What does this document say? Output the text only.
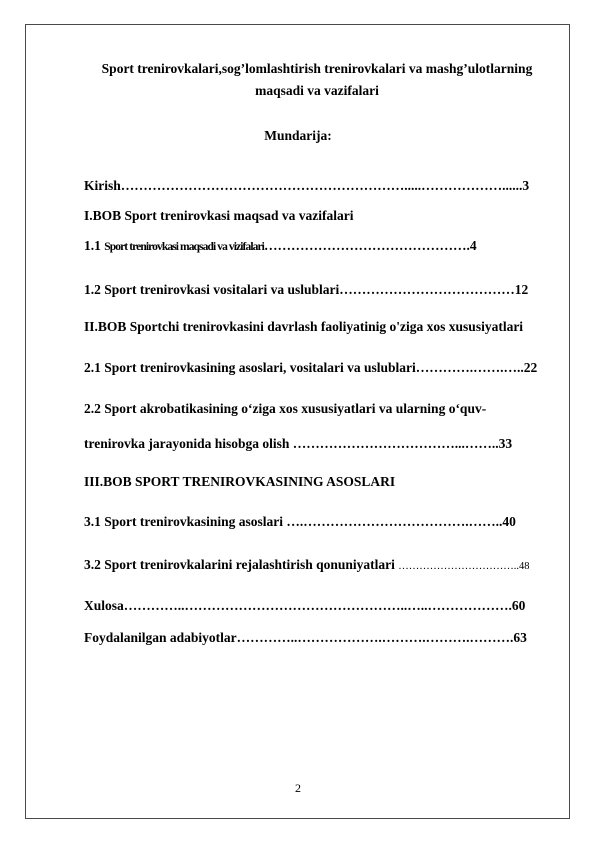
Sport trenirovkalari,sog’lomlashtirish trenirovkalari va mashg’ulotlarning maqsadi va vazifalari
Mundarija:
Kirish……………………………………………………….....………………......3
I.BOB Sport trenirovkasi maqsad va vazifalari
1.1 Sport trenirovkasi maqsadi va vizifalari……………………………………….4
1.2 Sport trenirovkasi vositalari va uslublari…………………………………12
II.BOB Sportchi trenirovkasini davrlash faoliyatinig o'ziga xos xususiyatlari
2.1 Sport trenirovkasining asoslari, vositalari va uslublari………….…….…..22
2.2 Sport akrobatikasining o‘ziga xos xususiyatlari va ularning o‘quv-
trenirovka jarayonida hisobga olish ………………………………...……..33
III.BOB SPORT TRENIROVKASINING ASOSLARI
3.1 Sport trenirovkasining asoslari ….……………………………….……..40
3.2 Sport trenirovkalarini rejalashtirish qonuniyatlari ……………………………..48
Xulosa…………..…………………………………………..…..……………….60
Foydalanilgan adabiyotlar…………..……………….……….……….……….63
2
